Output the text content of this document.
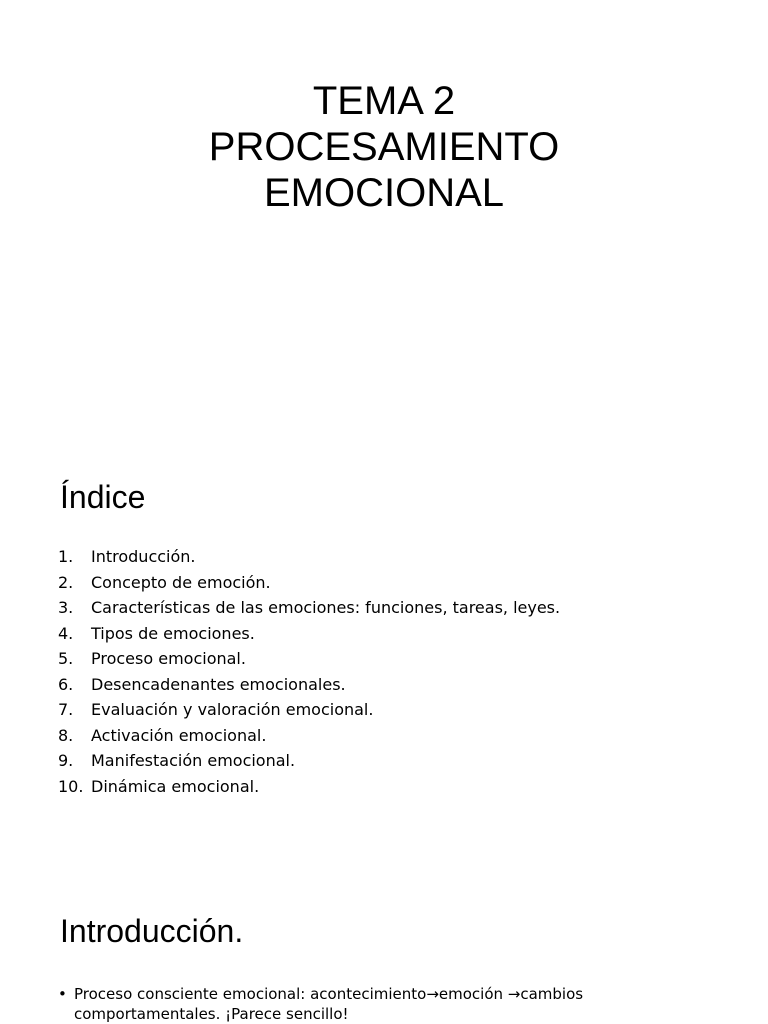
TEMA 2
PROCESAMIENTO
EMOCIONAL
Índice
1. Introducción.
2. Concepto de emoción.
3. Características de las emociones: funciones, tareas, leyes.
4. Tipos de emociones.
5. Proceso emocional.
6. Desencadenantes emocionales.
7. Evaluación y valoración emocional.
8. Activación emocional.
9. Manifestación emocional.
10. Dinámica emocional.
Introducción.
• Proceso consciente emocional: acontecimiento→emoción →cambios comportamentales. ¡Parece sencillo!
